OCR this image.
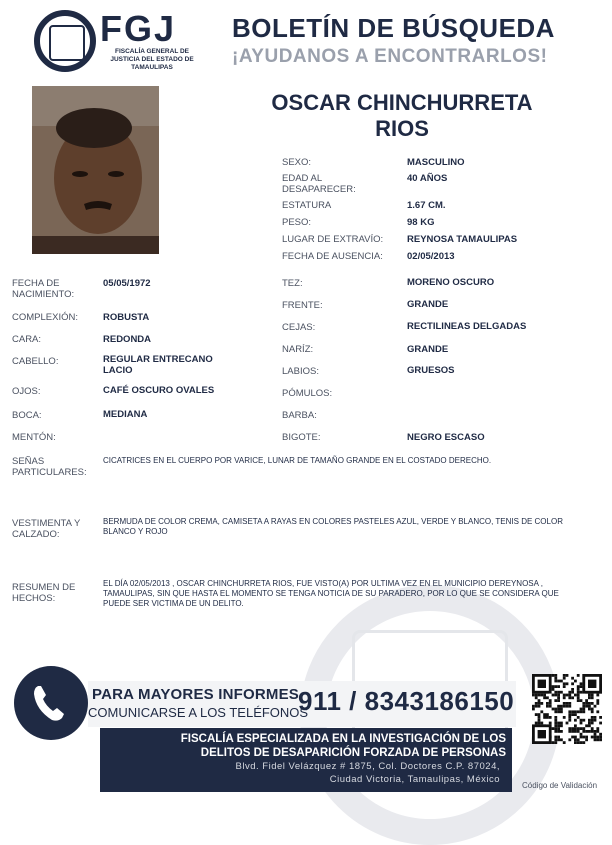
FGJ
FISCALÍA GENERAL DE JUSTICIA DEL ESTADO DE TAMAULIPAS
BOLETÍN DE BÚSQUEDA
¡AYUDANOS A ENCONTRARLOS!
OSCAR CHINCHURRETA
RIOS
SEXO:	MASCULINO
EDAD AL DESAPARECER:
40 AÑOS
ESTATURA	1.67 CM.
PESO:	98 KG
LUGAR DE EXTRAVÍO:	REYNOSA TAMAULIPAS
FECHA DE AUSENCIA:	02/05/2013
FECHA DE NACIMIENTO:
05/05/1972
COMPLEXIÓN:	ROBUSTA
CARA:	REDONDA
CABELLO:	REGULAR ENTRECANO LACIO
OJOS:	CAFÉ OSCURO OVALES
BOCA:	MEDIANA
MENTÓN:
TEZ:	MORENO OSCURO
FRENTE:	GRANDE
CEJAS:	RECTILINEAS DELGADAS
NARÍZ:	GRANDE
LABIOS:	GRUESOS
PÓMULOS:
BARBA:
BIGOTE:	NEGRO ESCASO
SEÑAS PARTICULARES:
CICATRICES EN EL CUERPO POR VARICE, LUNAR DE TAMAÑO GRANDE EN EL COSTADO DERECHO.
VESTIMENTA Y CALZADO:
BERMUDA DE COLOR CREMA, CAMISETA A RAYAS EN COLORES PASTELES AZUL, VERDE Y BLANCO, TENIS DE COLOR BLANCO Y ROJO
RESUMEN DE HECHOS:
EL DÍA 02/05/2013 , OSCAR CHINCHURRETA RIOS, FUE VISTO(A) POR ULTIMA VEZ EN EL MUNICIPIO DEREYNOSA , TAMAULIPAS, SIN QUE HASTA EL MOMENTO SE TENGA NOTICIA DE SU PARADERO, POR LO QUE SE CONSIDERA QUE PUEDE SER VICTIMA DE UN DELITO.
PARA MAYORES INFORMES,
COMUNICARSE A LOS TELÉFONOS
911 / 8343186150
FISCALÍA ESPECIALIZADA EN LA INVESTIGACIÓN DE LOS
DELITOS DE DESAPARICIÓN FORZADA DE PERSONAS
Blvd. Fidel Velázquez # 1875, Col. Doctores C.P. 87024,
Ciudad Victoria, Tamaulipas, México
Código de Validación
